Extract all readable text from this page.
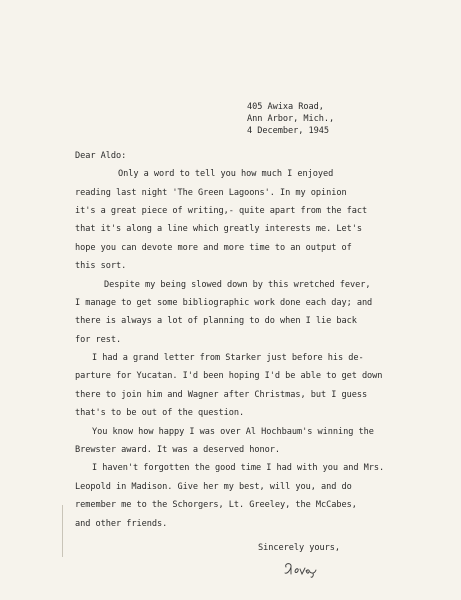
405 Awixa Road,
Ann Arbor, Mich.,
4 December, 1945
Dear Aldo:
Only a word to tell you how much I enjoyed
reading last night 'The Green Lagoons'. In my opinion
it's a great piece of writing,- quite apart from the fact
that it's along a line which greatly interests me. Let's
hope you can devote more and more time to an output of
this sort.
Despite my being slowed down by this wretched fever,
I manage to get some bibliographic work done each day; and
there is always a lot of planning to do when I lie back
for rest.
I had a grand letter from Starker just before his de-
parture for Yucatan. I'd been hoping I'd be able to get down
there to join him and Wagner after Christmas, but I guess
that's to be out of the question.
You know how happy I was over Al Hochbaum's winning the
Brewster award. It was a deserved honor.
I haven't forgotten the good time I had with you and Mrs.
Leopold in Madison. Give her my best, will you, and do
remember me to the Schorgers, Lt. Greeley, the McCabes,
and other friends.
Sincerely yours,
